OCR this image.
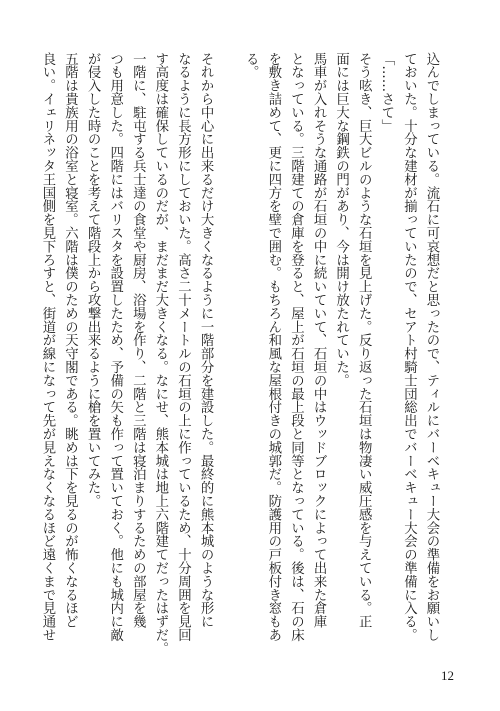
込んでしまっている。流石に可哀想だと思ったので、ティルにバーベキュー大会の準備をお願いし
ておいた。十分な建材が揃っていたので、セアト村騎士団総出でバーベキュー大会の準備に入る。
「……さて」
そう呟き、巨大ビルのような石垣を見上げた。反り返った石垣は物凄い威圧感を与えている。正
面には巨大な鋼鉄の門があり、今は開け放たれていた。
馬車が入れそうな通路が石垣の中に続いていて、石垣の中はウッドブロックによって出来た倉庫
となっている。三階建ての倉庫を登ると、屋上が石垣の最上段と同等となっている。後は、石の床
を敷き詰めて、更に四方を壁で囲む。もちろん和風な屋根付きの城郭だ。防護用の戸板付き窓もあ
る。

それから中心に出来るだけ大きくなるように一階部分を建設した。最終的に熊本城のような形に
なるように長方形にしておいた。高さ二十メートルの石垣の上に作っているため、十分周囲を見回
す高度は確保しているのだが、まだまだ大きくなる。なにせ、熊本城は地上六階建てだったはずだ。
一階に、駐屯する兵士達の食堂や厨房、浴場を作り、二階と三階は寝泊まりするための部屋を幾
つも用意した。四階にはバリスタを設置したため、予備の矢も作って置いておく。他にも城内に敵
が侵入した時のことを考えて階段上から攻撃出来るように槍を置いてみた。
五階は貴族用の浴室と寝室。六階は僕のための天守閣である。眺めは下を見るのが怖くなるほど
良い。イェリネッタ王国側を見下ろすと、街道が線になって先が見えなくなるほど遠くまで見通せ
12
